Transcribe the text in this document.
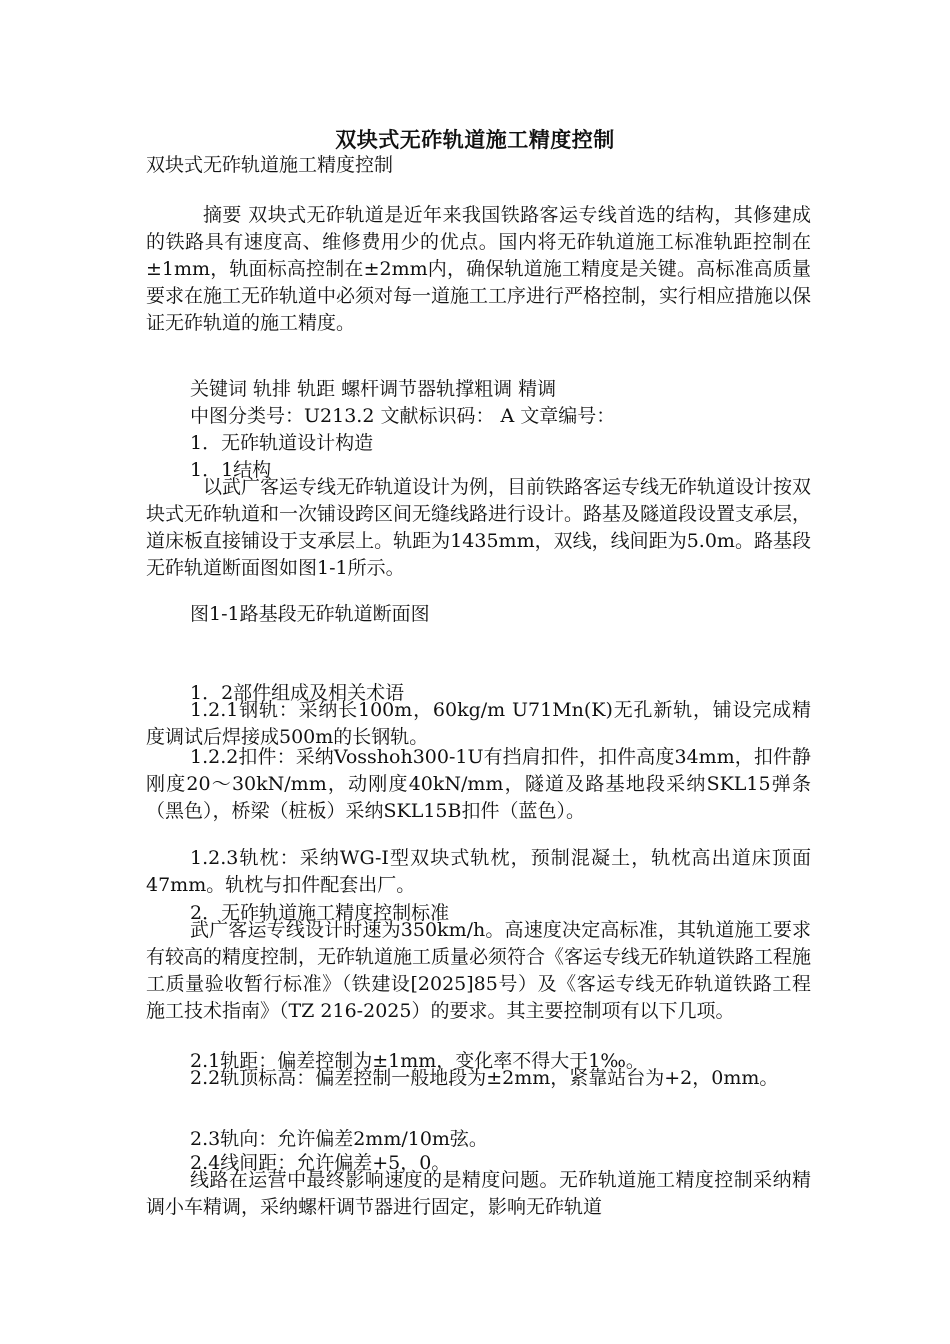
双块式无砟轨道施工精度控制
双块式无砟轨道施工精度控制
摘要 双块式无砟轨道是近年来我国铁路客运专线首选的结构，其修建成的铁路具有速度高、维修费用少的优点。国内将无砟轨道施工标准轨距控制在±1mm，轨面标高控制在±2mm内，确保轨道施工精度是关键。高标准高质量要求在施工无砟轨道中必须对每一道施工工序进行严格控制，实行相应措施以保证无砟轨道的施工精度。
关键词 轨排 轨距 螺杆调节器轨撑粗调 精调
中图分类号：U213.2 文献标识码： A 文章编号：
1．无砟轨道设计构造
1．1结构
以武广客运专线无砟轨道设计为例，目前铁路客运专线无砟轨道设计按双块式无砟轨道和一次铺设跨区间无缝线路进行设计。路基及隧道段设置支承层，道床板直接铺设于支承层上。轨距为1435mm，双线，线间距为5.0m。路基段无砟轨道断面图如图1-1所示。
图1-1路基段无砟轨道断面图
1．2部件组成及相关术语
1.2.1钢轨：采纳长100m，60kg/m U71Mn(K)无孔新轨，铺设完成精度调试后焊接成500m的长钢轨。
1.2.2扣件：采纳Vosshoh300-1U有挡肩扣件，扣件高度34mm，扣件静刚度20～30kN/mm，动刚度40kN/mm，隧道及路基地段采纳SKL15弹条（黑色），桥梁（桩板）采纳SKL15B扣件（蓝色）。
1.2.3轨枕：采纳WG-I型双块式轨枕，预制混凝土，轨枕高出道床顶面47mm。轨枕与扣件配套出厂。
2．无砟轨道施工精度控制标准
武广客运专线设计时速为350km/h。高速度决定高标准，其轨道施工要求有较高的精度控制，无砟轨道施工质量必须符合《客运专线无砟轨道铁路工程施工质量验收暂行标准》（铁建设[2025]85号）及《客运专线无砟轨道铁路工程施工技术指南》（TZ 216-2025）的要求。其主要控制项有以下几项。
2.1轨距：偏差控制为±1mm，变化率不得大于1‰。
2.2轨顶标高：偏差控制一般地段为±2mm，紧靠站台为+2，0mm。
2.3轨向：允许偏差2mm/10m弦。
2.4线间距：允许偏差+5，0。
线路在运营中最终影响速度的是精度问题。无砟轨道施工精度控制采纳精调小车精调，采纳螺杆调节器进行固定，影响无砟轨道
